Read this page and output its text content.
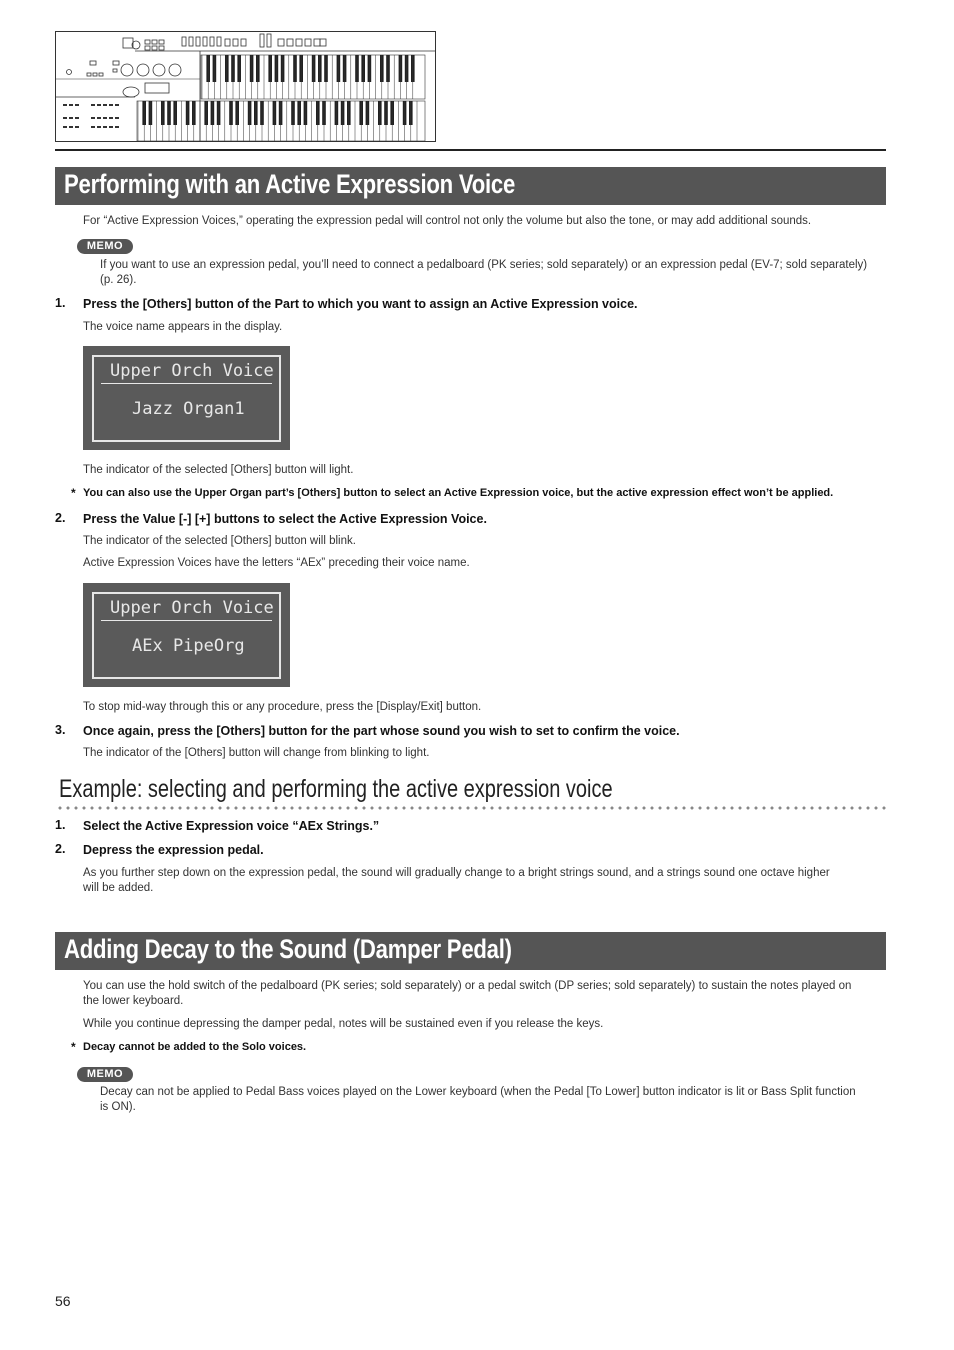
Performing with an Active Expression Voice
For “Active Expression Voices,” operating the expression pedal will control not only the volume but also the tone, or may add additional sounds.
MEMO
If you want to use an expression pedal, you’ll need to connect a pedalboard (PK series; sold separately) or an expression pedal (EV-7; sold separately)
(p. 26).
1. Press the [Others] button of the Part to which you want to assign an Active Expression voice.
The voice name appears in the display.
Upper Orch Voice
Jazz Organ1
The indicator of the selected [Others] button will light.
* You can also use the Upper Organ part’s [Others] button to select an Active Expression voice, but the active expression effect won’t be applied.
2. Press the Value [-] [+] buttons to select the Active Expression Voice.
The indicator of the selected [Others] button will blink.
Active Expression Voices have the letters “AEx” preceding their voice name.
Upper Orch Voice
AEx PipeOrg
To stop mid-way through this or any procedure, press the [Display/Exit] button.
3. Once again, press the [Others] button for the part whose sound you wish to set to confirm the voice.
The indicator of the [Others] button will change from blinking to light.
Example: selecting and performing the active expression voice
1. Select the Active Expression voice “AEx Strings.”
2. Depress the expression pedal.
As you further step down on the expression pedal, the sound will gradually change to a bright strings sound, and a strings sound one octave higher
will be added.
Adding Decay to the Sound (Damper Pedal)
You can use the hold switch of the pedalboard (PK series; sold separately) or a pedal switch (DP series; sold separately) to sustain the notes played on
the lower keyboard.
While you continue depressing the damper pedal, notes will be sustained even if you release the keys.
* Decay cannot be added to the Solo voices.
MEMO
Decay can not be applied to Pedal Bass voices played on the Lower keyboard (when the Pedal [To Lower] button indicator is lit or Bass Split function
is ON).
56
